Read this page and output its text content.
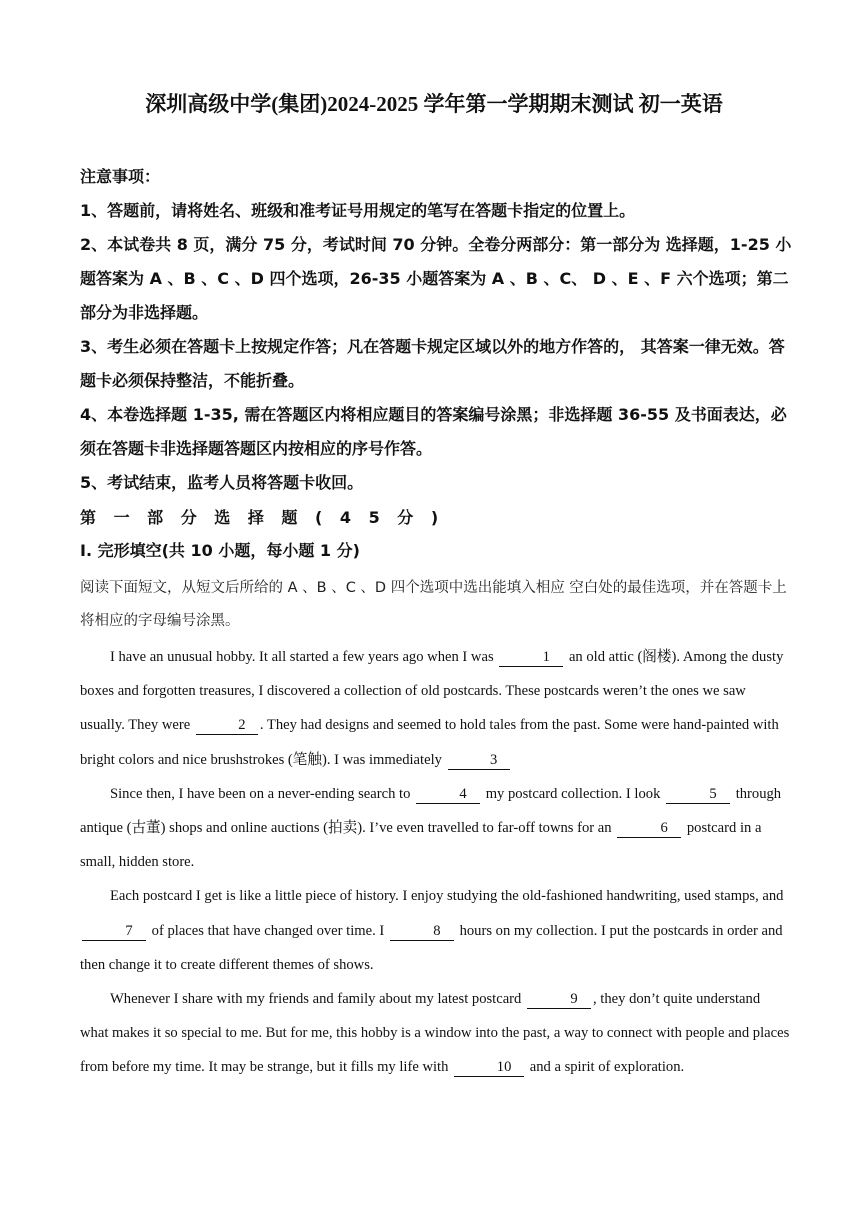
深圳高级中学(集团)2024-2025 学年第一学期期末测试 初一英语

注意事项：

1、答题前，请将姓名、班级和准考证号用规定的笔写在答题卡指定的位置上。

2、本试卷共 8 页，满分 75 分，考试时间 70 分钟。全卷分两部分：第一部分为 选择题，1-25 小题答案为 A 、B 、C 、D 四个选项，26-35 小题答案为 A 、B 、C、 D 、E 、F 六个选项；第二部分为非选择题。

3、考生必须在答题卡上按规定作答；凡在答题卡规定区域以外的地方作答的， 其答案一律无效。答题卡必须保持整洁，不能折叠。

4、本卷选择题 1-35, 需在答题区内将相应题目的答案编号涂黑；非选择题 36-55 及书面表达，必须在答题卡非选择题答题区内按相应的序号作答。

5、考试结束，监考人员将答题卡收回。

第 一 部 分 选 择 题 ( 4 5 分 )
I. 完形填空(共 10 小题，每小题 1 分)
阅读下面短文，从短文后所给的 A 、B 、C 、D 四个选项中选出能填入相应 空白处的最佳选项，并在答题卡上将相应的字母编号涂黑。

I have an unusual hobby. It all started a few years ago when I was	1 an old attic (阁楼). Among the dusty boxes and forgotten treasures, I discovered a collection of old postcards. These postcards weren’t the ones we saw usually. They were	2 . They had designs and seemed to hold tales from the past. Some were hand-painted with bright colors and nice brushstrokes (笔触). I was immediately	3

Since then, I have been on a never-ending search to	4 my postcard collection. I look	5 through antique (古董) shops and online auctions (拍卖). I’ve even travelled to far-off towns for an	6 postcard in a small, hidden store.

Each postcard I get is like a little piece of history. I enjoy studying the old-fashioned handwriting, used stamps, and 7 of places that have changed over time. I	8 hours on my collection. I put the postcards in order and then change it to create different themes of shows.

Whenever I share with my friends and family about my latest postcard	9 , they don’t quite understand what makes it so special to me. But for me, this hobby is a window into the past, a way to connect with people and places from before my time. It may be strange, but it fills my life with	10 and a spirit of exploration.
